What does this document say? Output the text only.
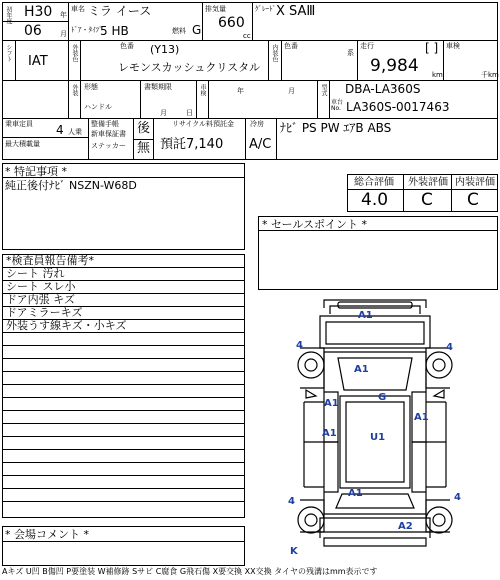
初年度 H30 年
06	月
車名 ミラ イース
ﾄﾞｱ・ﾀｲﾌﾟ
5 HB	燃料 G
排気量
660
cc
ｸﾞﾚｰﾄﾞ X SAⅢ
シフト IAT	外装色	色番 (Y13)
レモンスカッシュクリスタル
内装色 色番
系
走行	[ ]
9,984 km
車検
千km
外装 形態
ハンドル
書類期限
月	日
車検	年	月	型式 DBA-LA360S
車台No. LA360S-0017463
乗車定員 4 人乗
最大積載量
整備手帳
新車保証書
ステッカー
後
無
リサイクル料預託金
預託7,140
冷房
A/C
ﾅﾋﾞ PS PW ｴｱB ABS
* 特記事項 *
純正後付ﾅﾋﾞ NSZN-W68D	総合評価 外装評価 内装評価
4.0 C C
* セールスポイント *
*検査員報告備考*
シート 汚れ
シート スレ小
ドア内張 キズ
ドアミラーキズ
外装うす線キズ・小キズ
* 会場コメント *
A1
A1
A1
G
A1
A1	U1
A1
A2
K
4	4
4	4
Aキズ U凹 B傷凹 P要塗装 W補修跡 Sサビ C腐食 G飛石傷 X要交換 XX交換 タイヤの残溝はmm表示です
